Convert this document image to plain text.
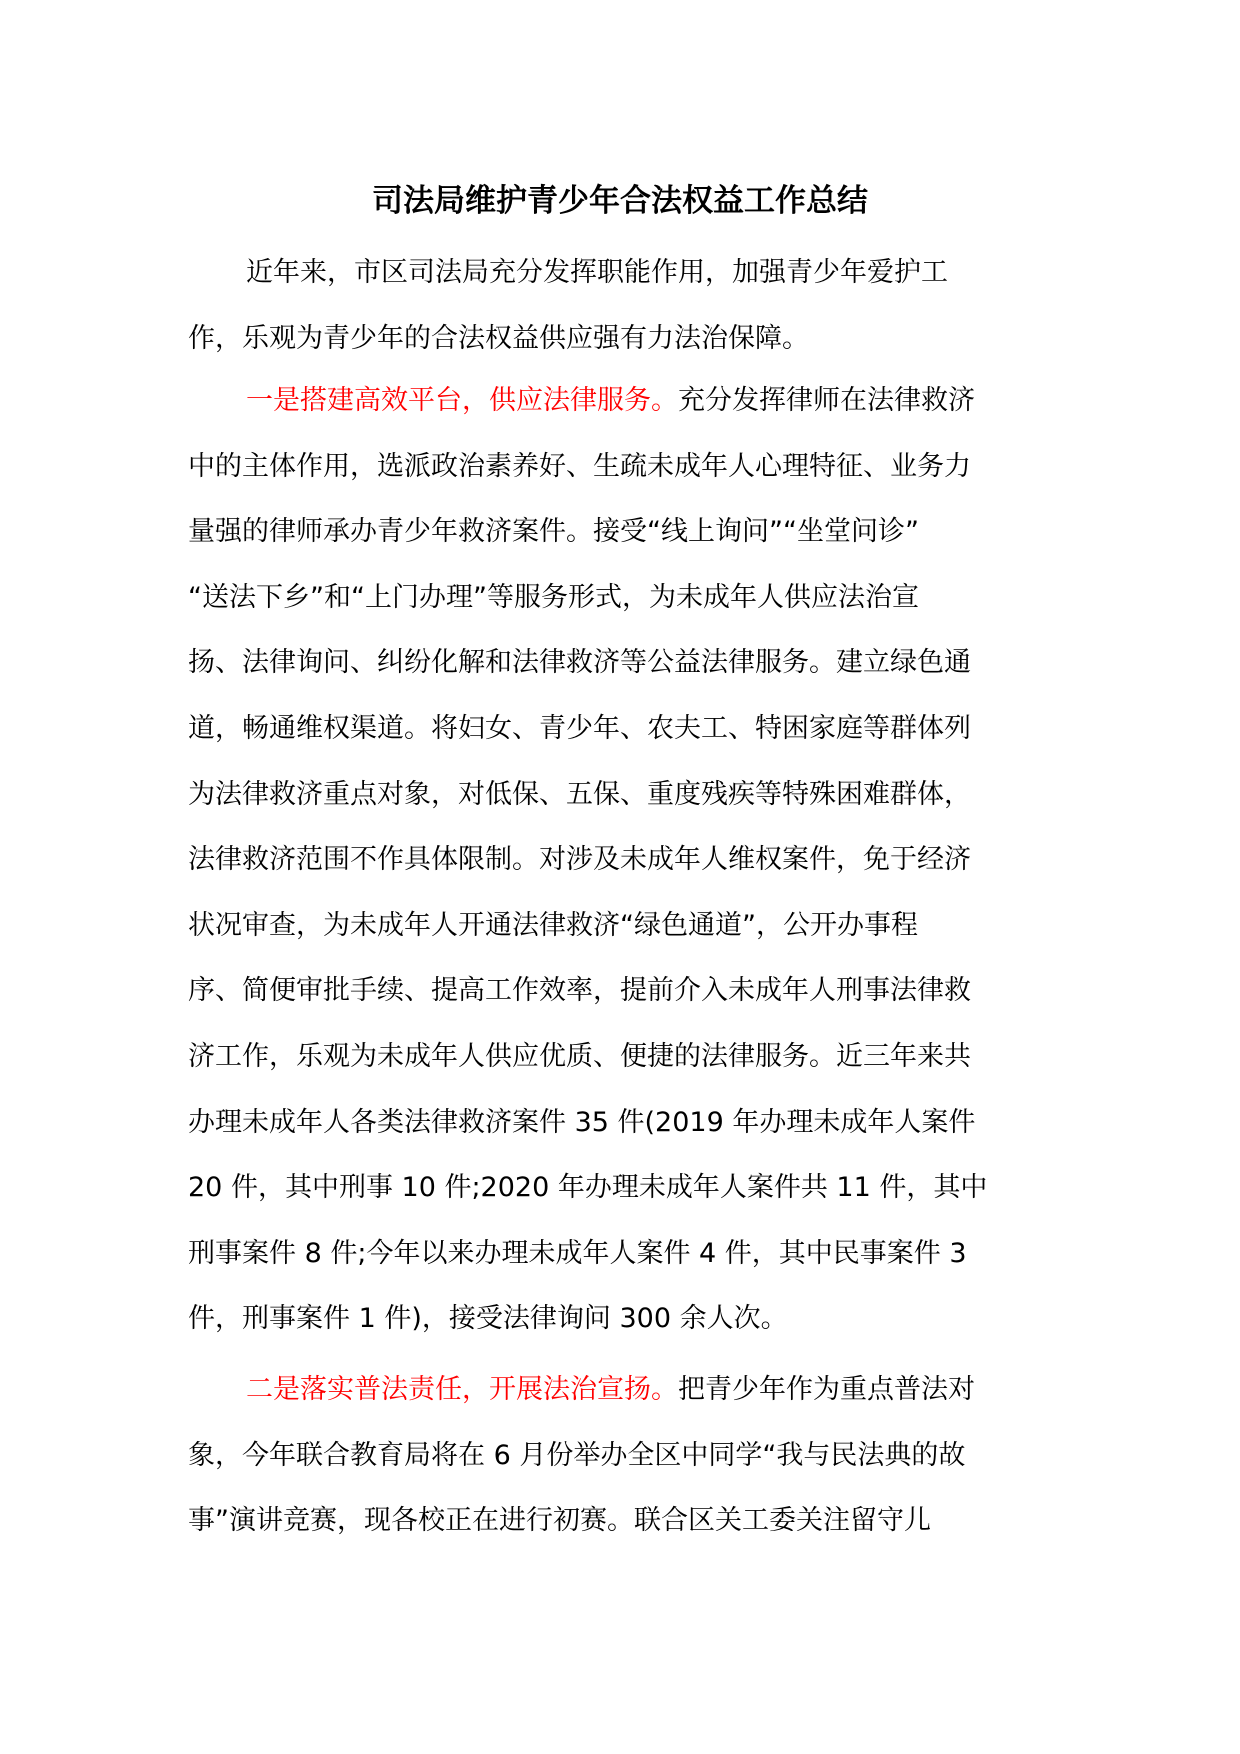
司法局维护青少年合法权益工作总结
近年来，市区司法局充分发挥职能作用，加强青少年爱护工
作，乐观为青少年的合法权益供应强有力法治保障。
一是搭建高效平台，供应法律服务。充分发挥律师在法律救济
中的主体作用，选派政治素养好、生疏未成年人心理特征、业务力
量强的律师承办青少年救济案件。接受“线上询问”“坐堂问诊”
“送法下乡”和“上门办理”等服务形式，为未成年人供应法治宣
扬、法律询问、纠纷化解和法律救济等公益法律服务。建立绿色通
道，畅通维权渠道。将妇女、青少年、农夫工、特困家庭等群体列
为法律救济重点对象，对低保、五保、重度残疾等特殊困难群体，
法律救济范围不作具体限制。对涉及未成年人维权案件，免于经济
状况审查，为未成年人开通法律救济“绿色通道”，公开办事程
序、简便审批手续、提高工作效率，提前介入未成年人刑事法律救
济工作，乐观为未成年人供应优质、便捷的法律服务。近三年来共
办理未成年人各类法律救济案件 35 件(2019 年办理未成年人案件
20 件，其中刑事 10 件;2020 年办理未成年人案件共 11 件，其中
刑事案件 8 件;今年以来办理未成年人案件 4 件，其中民事案件 3
件，刑事案件 1 件)，接受法律询问 300 余人次。
二是落实普法责任，开展法治宣扬。把青少年作为重点普法对
象，今年联合教育局将在 6 月份举办全区中同学“我与民法典的故
事”演讲竞赛，现各校正在进行初赛。联合区关工委关注留守儿
